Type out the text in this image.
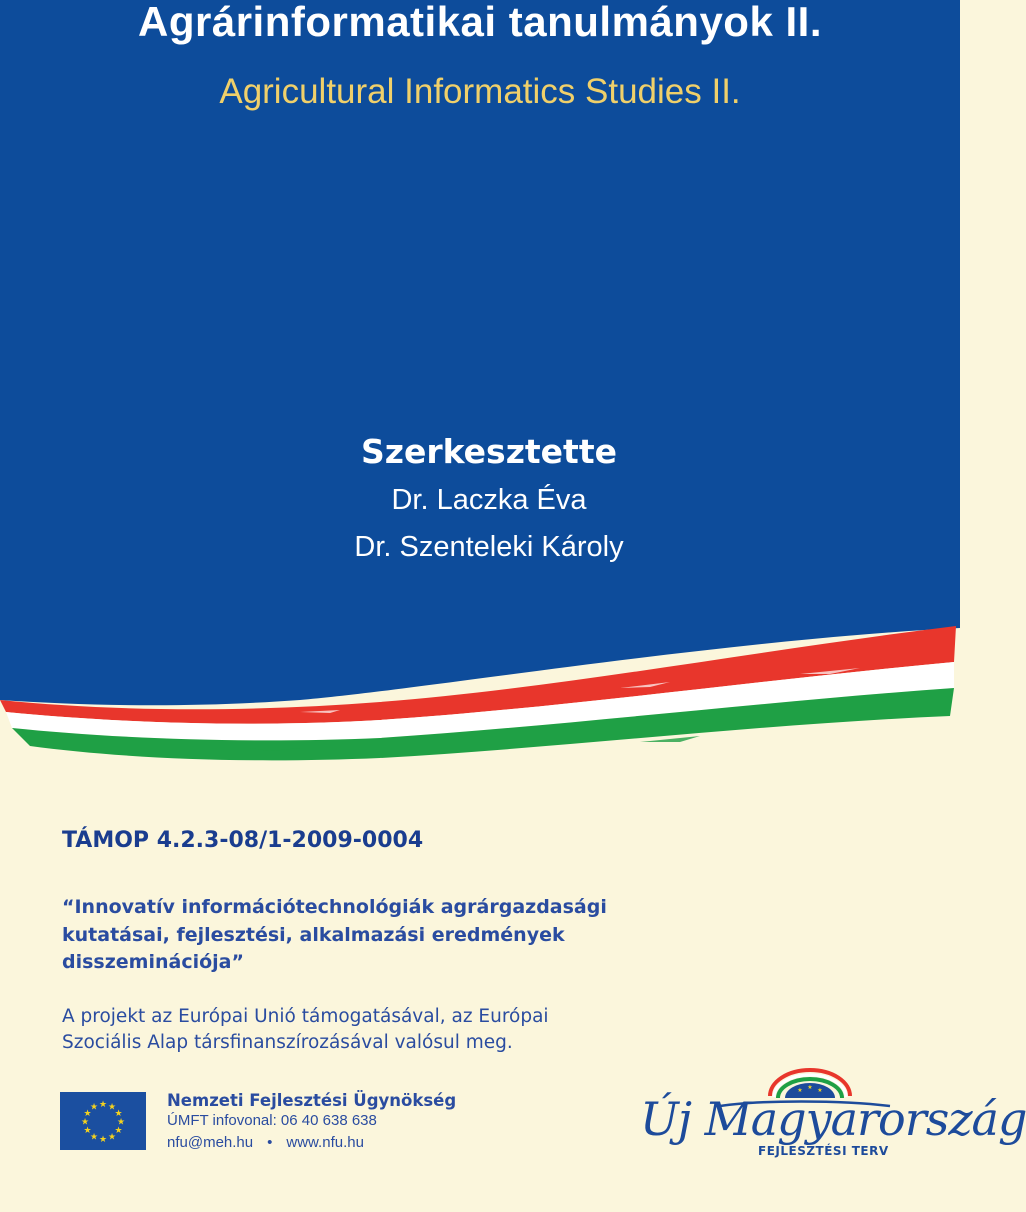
Agrárinformatikai tanulmányok II.
Agricultural Informatics Studies II.
Szerkesztette
Dr. Laczka Éva
Dr. Szenteleki Károly
TÁMOP 4.2.3-08/1-2009-0004
“Innovatív információtechnológiák agrárgazdasági
kutatásai, fejlesztési, alkalmazási eredmények
disszeminációja”
A projekt az Európai Unió támogatásával, az Európai
Szociális Alap társfinanszírozásával valósul meg.
★ ★
★
★
★
★
★
★
★
★
★
★	Nemzeti Fejlesztési Ügynökség
ÚMFT infovonal: 06 40 638 638
nfu@meh.hu • www.nfu.hu
★ ★ ★
Új Magyarország
FEJLESZTÉSI TERV
